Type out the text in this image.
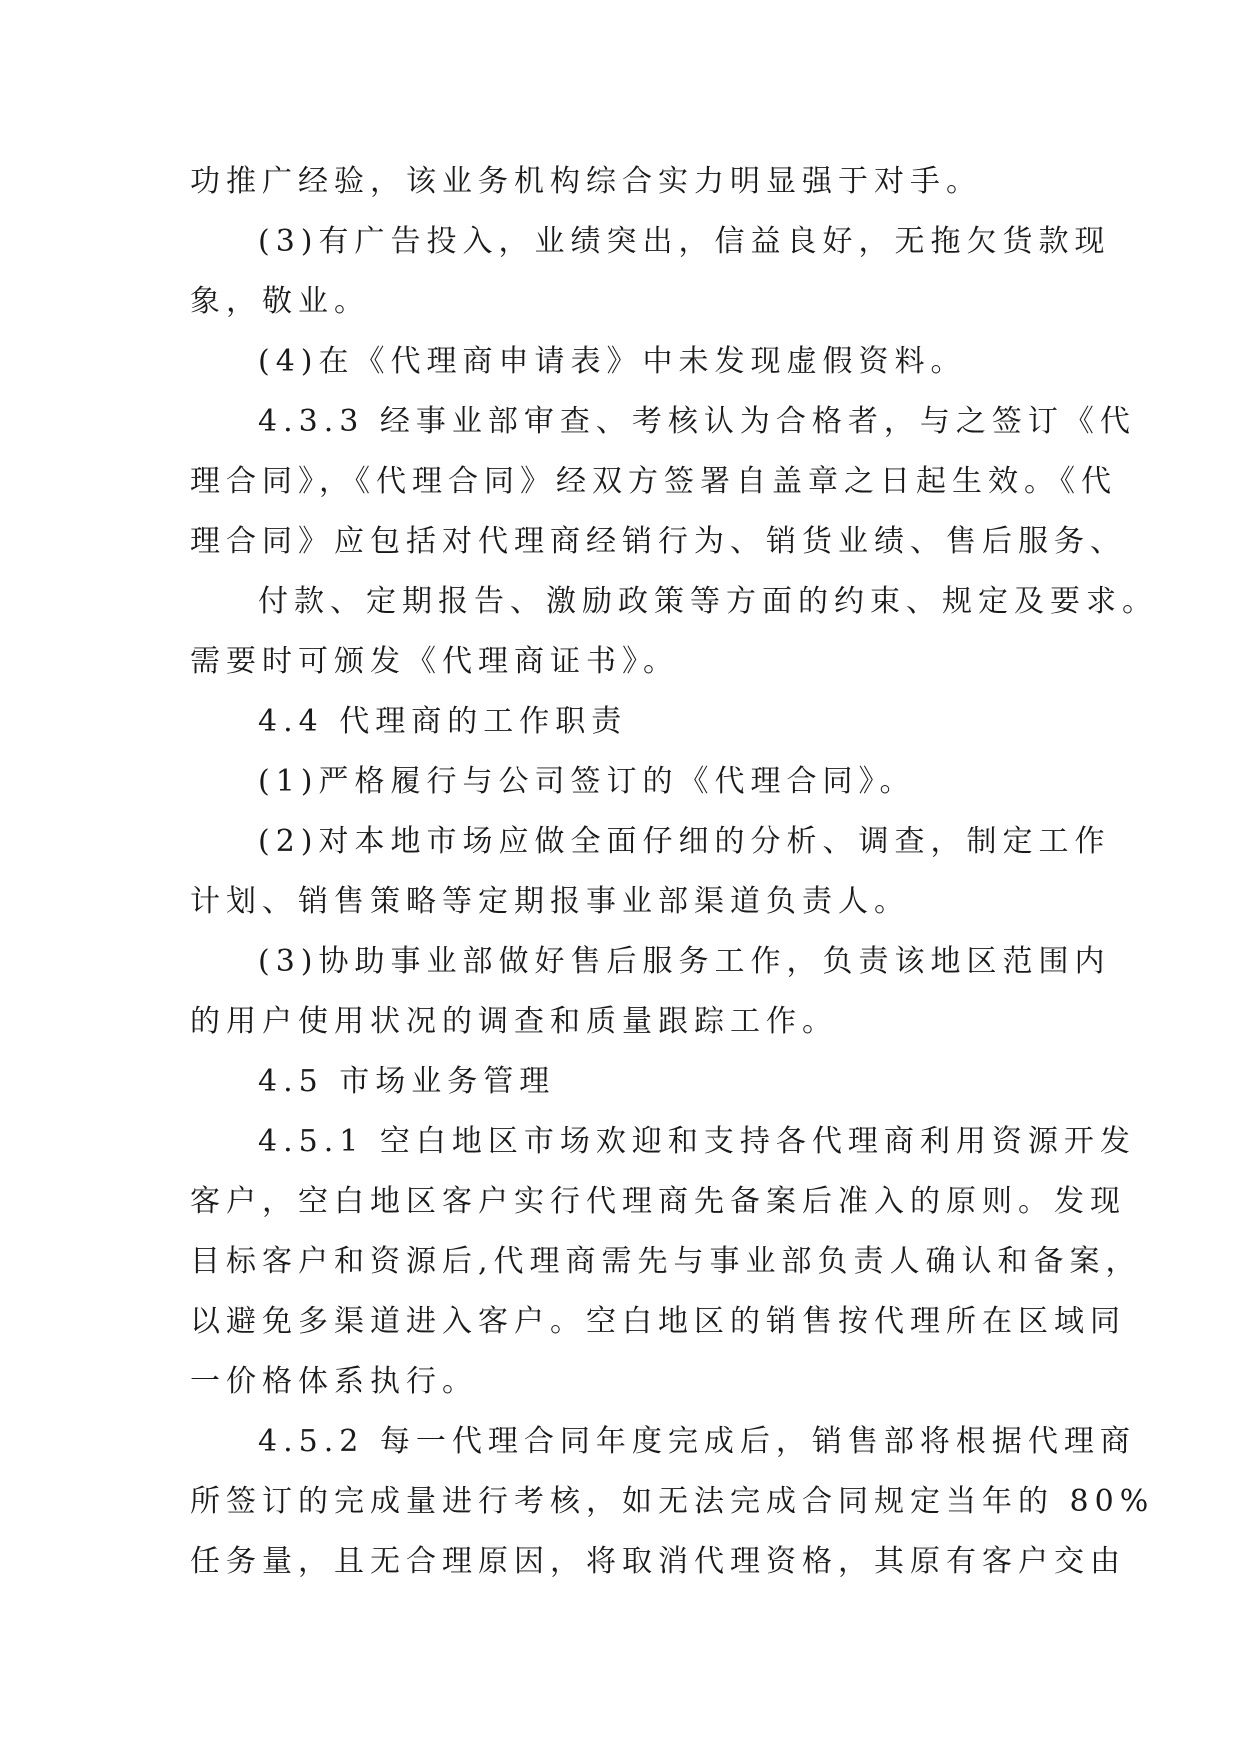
功推广经验，该业务机构综合实力明显强于对手。
(3)有广告投入，业绩突出，信益良好，无拖欠货款现
象，敬业。
(4)在《代理商申请表》中未发现虚假资料。
4.3.3 经事业部审查、考核认为合格者，与之签订《代
理合同》，《代理合同》经双方签署自盖章之日起生效。《代
理合同》应包括对代理商经销行为、销货业绩、售后服务、
付款、定期报告、激励政策等方面的约束、规定及要求。
需要时可颁发《代理商证书》。
4.4 代理商的工作职责
(1)严格履行与公司签订的《代理合同》。
(2)对本地市场应做全面仔细的分析、调查，制定工作
计划、销售策略等定期报事业部渠道负责人。
(3)协助事业部做好售后服务工作，负责该地区范围内
的用户使用状况的调查和质量跟踪工作。
4.5 市场业务管理
4.5.1 空白地区市场欢迎和支持各代理商利用资源开发
客户，空白地区客户实行代理商先备案后准入的原则。发现
目标客户和资源后,代理商需先与事业部负责人确认和备案，
以避免多渠道进入客户。空白地区的销售按代理所在区域同
一价格体系执行。
4.5.2 每一代理合同年度完成后，销售部将根据代理商
所签订的完成量进行考核，如无法完成合同规定当年的 80%
任务量，且无合理原因，将取消代理资格，其原有客户交由
